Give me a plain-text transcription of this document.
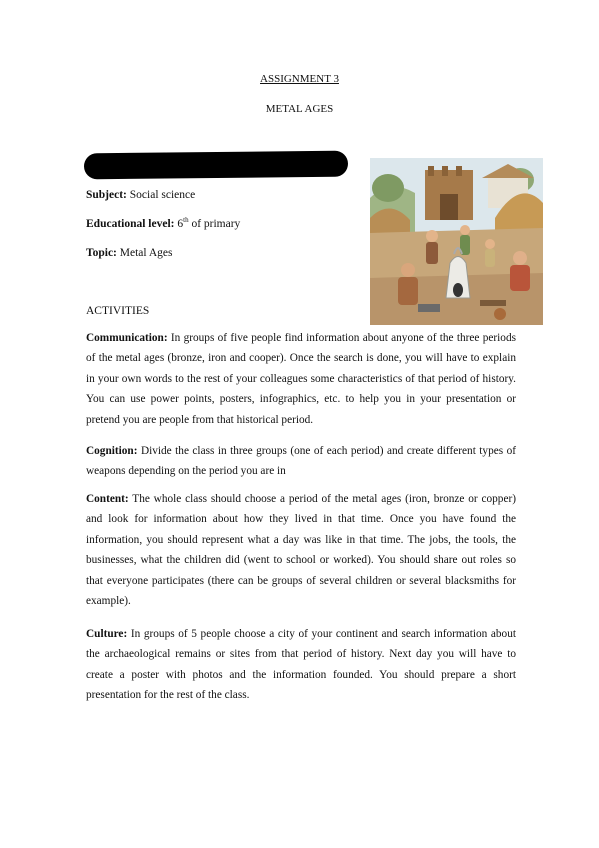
ASSIGNMENT 3
METAL AGES
Subject: Social science
Educational level: 6th of primary
Topic: Metal Ages
ACTIVITIES
Communication: In groups of five people find information about anyone of the three periods of the metal ages (bronze, iron and cooper). Once the search is done, you will have to explain in your own words to the rest of your colleagues some characteristics of that period of history. You can use power points, posters, infographics, etc. to help you in your presentation or pretend you are people from that historical period.
Cognition: Divide the class in three groups (one of each period) and create different types of weapons depending on the period you are in
Content: The whole class should choose a period of the metal ages (iron, bronze or copper) and look for information about how they lived in that time. Once you have found the information, you should represent what a day was like in that time. The jobs, the tools, the businesses, what the children did (went to school or worked). You should share out roles so that everyone participates (there can be groups of several children or several blacksmiths for example).
Culture: In groups of 5 people choose a city of your continent and search information about the archaeological remains or sites from that period of history. Next day you will have to create a poster with photos and the information founded. You should prepare a short presentation for the rest of the class.
